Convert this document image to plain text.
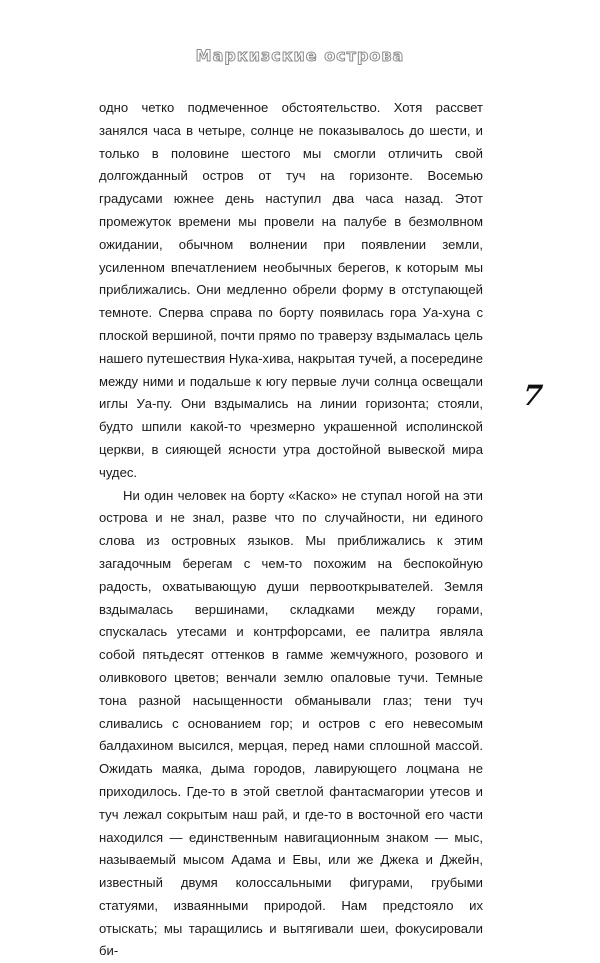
Маркизские острова

одно четко подмеченное обстоятельство. Хотя рассвет занялся часа в четыре, солнце не показывалось до шести, и только в половине шестого мы смогли отличить свой долгожданный остров от туч на горизонте. Восемью градусами южнее день наступил два часа назад. Этот промежуток времени мы провели на палубе в безмолвном ожидании, обычном волнении при появлении земли, усиленном впечатлением необычных берегов, к которым мы приближались. Они медленно обрели форму в отступающей темноте. Сперва справа по борту появилась гора Уа-хуна с плоской вершиной, почти прямо по траверзу вздымалась цель нашего путешествия Нука-хива, накрытая тучей, а посередине между ними и подальше к югу первые лучи солнца освещали иглы Уа-пу. Они вздымались на линии горизонта; стояли, будто шпили какой-то чрезмерно украшенной исполинской церкви, в сияющей ясности утра достойной вывеской мира чудес.

Ни один человек на борту «Каско» не ступал ногой на эти острова и не знал, разве что по случайности, ни единого слова из островных языков. Мы приближались к этим загадочным берегам с чем-то похожим на беспокойную радость, охватывающую души первооткрывателей. Земля вздымалась вершинами, складками между горами, спускалась утесами и контрфорсами, ее палитра являла собой пятьдесят оттенков в гамме жемчужного, розового и оливкового цветов; венчали землю опаловые тучи. Темные тона разной насыщенности обманывали глаз; тени туч сливались с основанием гор; и остров с его невесомым балдахином высился, мерцая, перед нами сплошной массой. Ожидать маяка, дыма городов, лавирующего лоцмана не приходилось. Где-то в этой светлой фантасмагории утесов и туч лежал сокрытым наш рай, и где-то в восточной его части находился — единственным навигационным знаком — мыс, называемый мысом Адама и Евы, или же Джека и Джейн, известный двумя колоссальными фигурами, грубыми статуями, изваянными природой. Нам предстояло их отыскать; мы таращились и вытягивали шеи, фокусировали би-

7
